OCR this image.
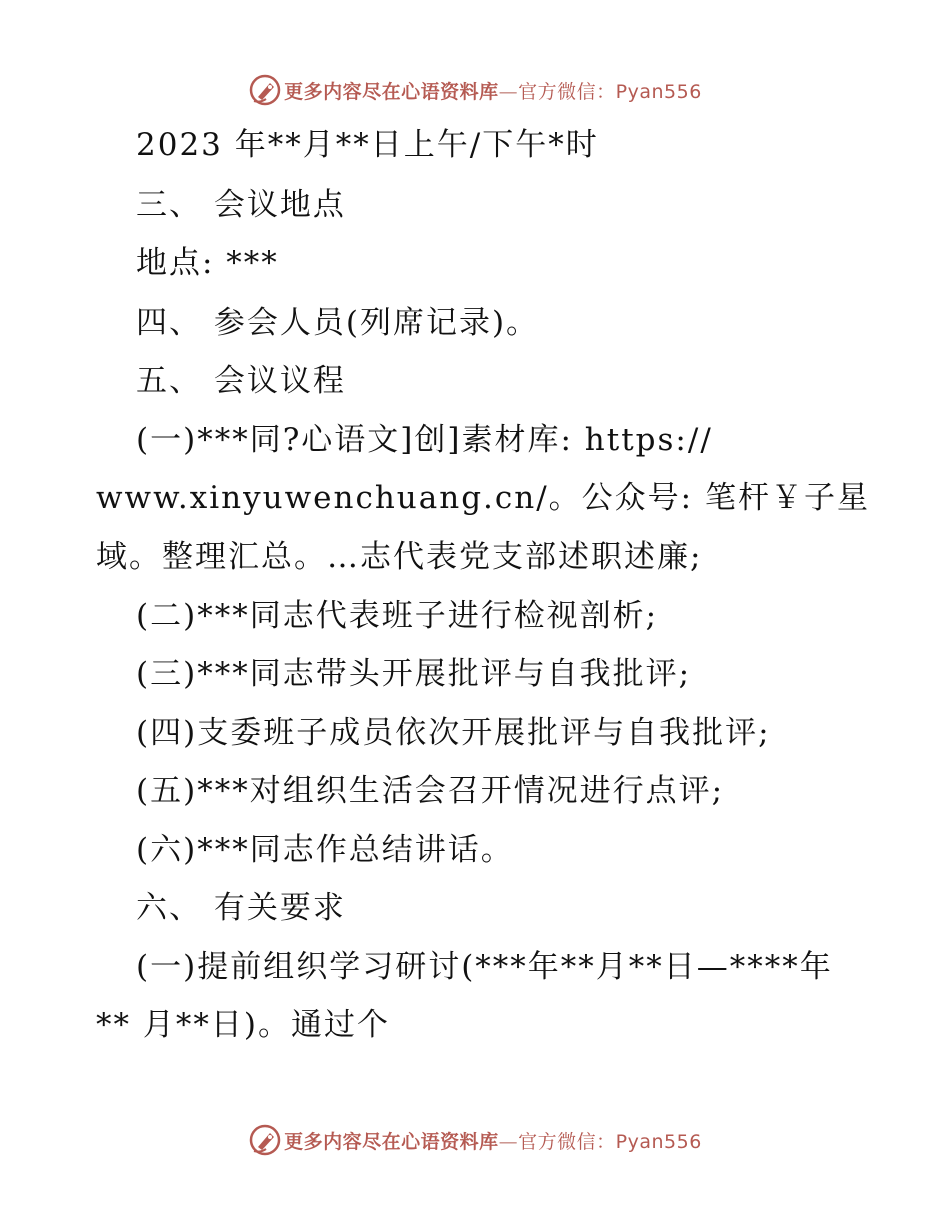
更多内容尽在心语资料库—官方微信：Pyan556
2023 年**月**日上午/下午*时
三、 会议地点
地点: ***
四、 参会人员(列席记录)。
五、 会议议程
(一)***同?心语文]创]素材库: https://
www.xinyuwenchuang.cn/。公众号: 笔杆￥子星
域。整理汇总。…志代表党支部述职述廉;
(二)***同志代表班子进行检视剖析;
(三)***同志带头开展批评与自我批评;
(四)支委班子成员依次开展批评与自我批评;
(五)***对组织生活会召开情况进行点评;
(六)***同志作总结讲话。
六、 有关要求
(一)提前组织学习研讨(***年**月**日—****年
** 月**日)。通过个
更多内容尽在心语资料库—官方微信：Pyan556
